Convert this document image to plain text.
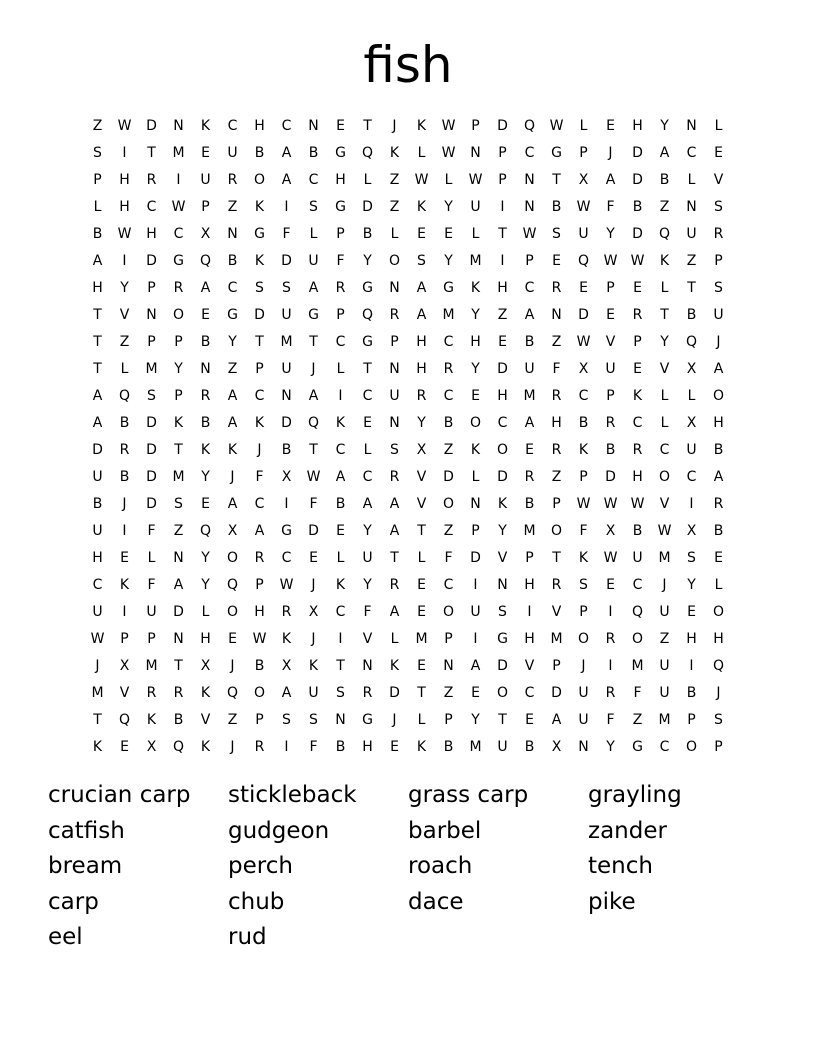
fish
Z	W	D	N	K	C	H	C	N	E	T	J	K	W	P	D	Q	W	L	E	H	Y	N	L
S	I	T	M	E	U	B	A	B	G	Q	K	L	W	N	P	C	G	P	J	D	A	C	E
P	H	R	I	U	R	O	A	C	H	L	Z	W	L	W	P	N	T	X	A	D	B	L	V
L	H	C	W	P	Z	K	I	S	G	D	Z	K	Y	U	I	N	B	W	F	B	Z	N	S
B	W	H	C	X	N	G	F	L	P	B	L	E	E	L	T	W	S	U	Y	D	Q	U	R
A	I	D	G	Q	B	K	D	U	F	Y	O	S	Y	M	I	P	E	Q	W W	K	Z	P
H	Y	P	R	A	C	S	S	A	R	G	N	A	G	K	H	C	R	E	P	E	L	T	S
T	V	N	O	E	G	D	U	G	P	Q	R	A	M	Y	Z	A	N	D	E	R	T	B	U
T	Z	P	P	B	Y	T	M	T	C	G	P	H	C	H	E	B	Z	W	V	P	Y	Q	J
T	L	M	Y	N	Z	P	U	J	L	T	N	H	R	Y	D	U	F	X	U	E	V	X	A
A	Q	S	P	R	A	C	N	A	I	C	U	R	C	E	H	M	R	C	P	K	L	L	O
A	B	D	K	B	A	K	D	Q	K	E	N	Y	B	O	C	A	H	B	R	C	L	X	H
D	R	D	T	K	K	J	B	T	C	L	S	X	Z	K	O	E	R	K	B	R	C	U	B
U	B	D	M	Y	J	F	X	W	A	C	R	V	D	L	D	R	Z	P	D	H	O	C	A
B	J	D	S	E	A	C	I	F	B	A	A	V	O	N	K	B	P	W W W	V	I	R
U	I	F	Z	Q	X	A	G	D	E	Y	A	T	Z	P	Y	M	O	F	X	B	W	X	B
H	E	L	N	Y	O	R	C	E	L	U	T	L	F	D	V	P	T	K	W	U	M	S	E
C	K	F	A	Y	Q	P	W	J	K	Y	R	E	C	I	N	H	R	S	E	C	J	Y	L
U	I	U	D	L	O	H	R	X	C	F	A	E	O	U	S	I	V	P	I	Q	U	E	O
W	P	P	N	H	E	W	K	J	I	V	L	M	P	I	G	H	M	O	R	O	Z	H	H
J	X	M	T	X	J	B	X	K	T	N	K	E	N	A	D	V	P	J	I	M	U	I	Q
M	V	R	R	K	Q	O	A	U	S	R	D	T	Z	E	O	C	D	U	R	F	U	B	J
T	Q	K	B	V	Z	P	S	S	N	G	J	L	P	Y	T	E	A	U	F	Z	M	P	S
K	E	X	Q	K	J	R	I	F	B	H	E	K	B	M	U	B	X	N	Y	G	C	O	P
crucian carp	stickleback	grass carp	grayling
catfish	gudgeon	barbel	zander
bream	perch	roach	tench
carp	chub	dace	pike
eel	rud
